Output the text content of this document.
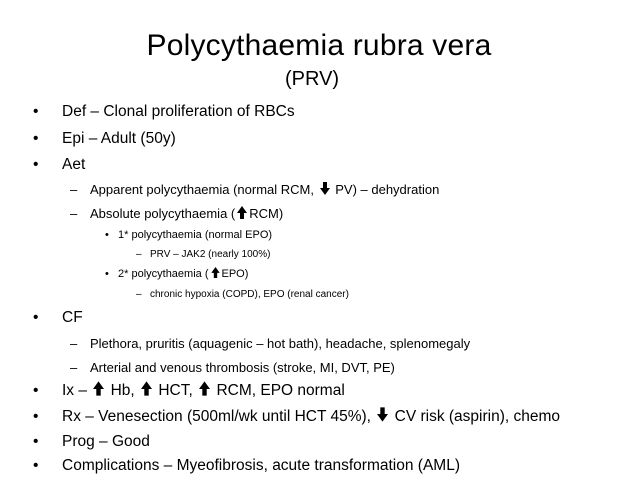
Polycythaemia rubra vera
(PRV)
• Def – Clonal proliferation of RBCs
• Epi – Adult (50y)
• Aet
– Apparent polycythaemia (normal RCM, PV) – dehydration
– Absolute polycythaemia ( RCM)
• 1* polycythaemia (normal EPO)
– PRV – JAK2 (nearly 100%)
• 2* polycythaemia ( EPO)
– chronic hypoxia (COPD), EPO (renal cancer)
• CF
– Plethora, pruritis (aquagenic – hot bath), headache, splenomegaly
– Arterial and venous thrombosis (stroke, MI, DVT, PE)
• Ix – Hb, HCT, RCM, EPO normal
• Rx – Venesection (500ml/wk until HCT 45%), CV risk (aspirin), chemo
• Prog – Good
• Complications – Myeofibrosis, acute transformation (AML)
